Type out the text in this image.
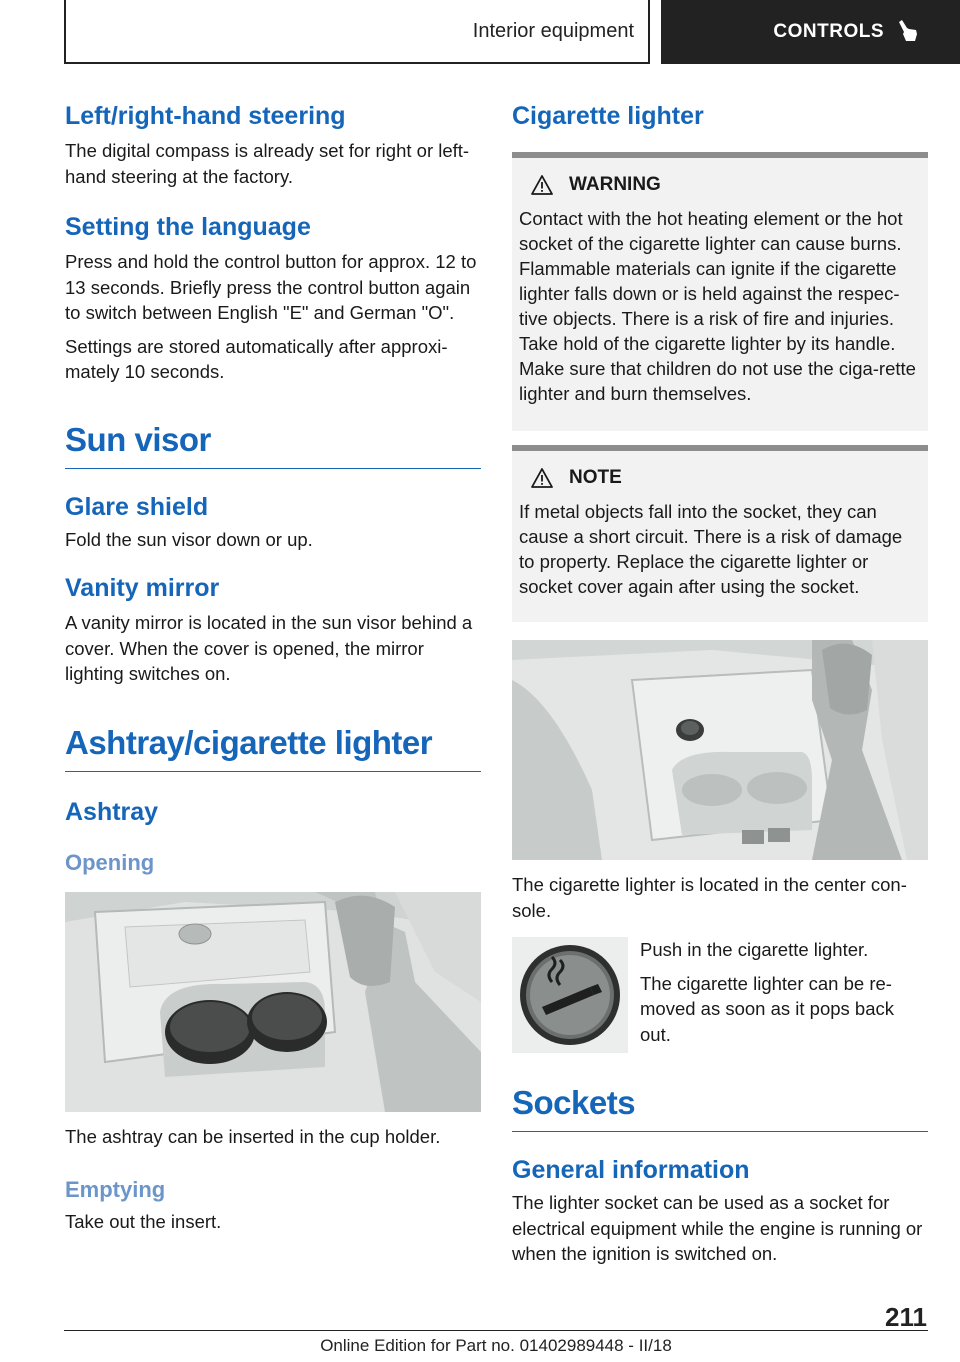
Interior equipment	CONTROLS
Left/right-hand steering

The digital compass is already set for right or left-hand steering at the factory.

Setting the language

Press and hold the control button for approx. 12 to 13 seconds. Briefly press the control button again to switch between English "E" and German "O".

Settings are stored automatically after approxi-mately 10 seconds.

Sun visor
Glare shield

Fold the sun visor down or up.

Vanity mirror

A vanity mirror is located in the sun visor behind a cover. When the cover is opened, the mirror lighting switches on.

Ashtray/cigarette lighter
Ashtray
Opening

The ashtray can be inserted in the cup holder.

Emptying

Take out the insert.

Cigarette lighter
WARNING

Contact with the hot heating element or the hot socket of the cigarette lighter can cause burns. Flammable materials can ignite if the cigarette lighter falls down or is held against the respec-tive objects. There is a risk of fire and injuries. Take hold of the cigarette lighter by its handle. Make sure that children do not use the ciga-rette lighter and burn themselves.

NOTE

If metal objects fall into the socket, they can cause a short circuit. There is a risk of damage to property. Replace the cigarette lighter or socket cover again after using the socket.

The cigarette lighter is located in the center con-sole.

Push in the cigarette lighter.

The cigarette lighter can be re-moved as soon as it pops back out.

Sockets
General information

The lighter socket can be used as a socket for electrical equipment while the engine is running or when the ignition is switched on.

211
Online Edition for Part no. 01402989448 - II/18
